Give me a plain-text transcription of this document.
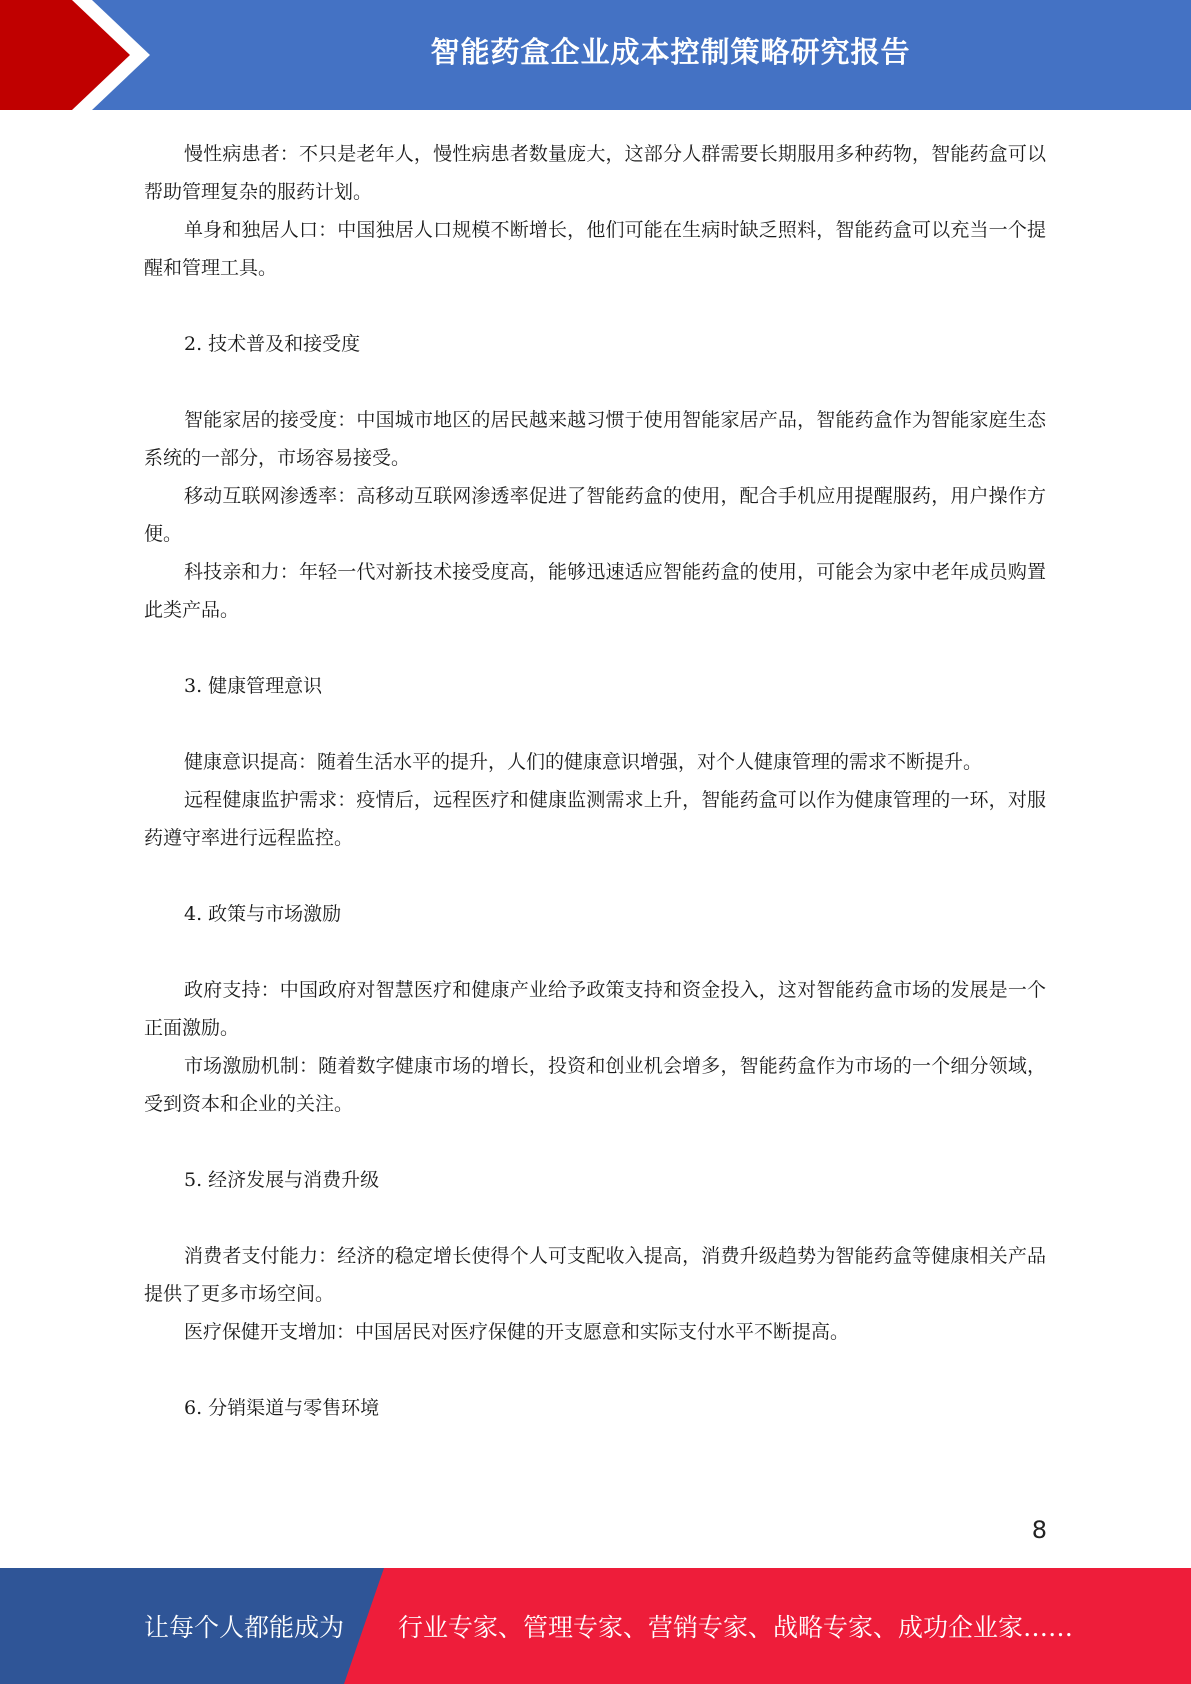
智能药盒企业成本控制策略研究报告

慢性病患者：不只是老年人，慢性病患者数量庞大，这部分人群需要长期服用多种药物，智能药盒可以帮助管理复杂的服药计划。

单身和独居人口：中国独居人口规模不断增长，他们可能在生病时缺乏照料，智能药盒可以充当一个提醒和管理工具。

2. 技术普及和接受度

智能家居的接受度：中国城市地区的居民越来越习惯于使用智能家居产品，智能药盒作为智能家庭生态系统的一部分，市场容易接受。

移动互联网渗透率：高移动互联网渗透率促进了智能药盒的使用，配合手机应用提醒服药，用户操作方便。

科技亲和力：年轻一代对新技术接受度高，能够迅速适应智能药盒的使用，可能会为家中老年成员购置此类产品。

3. 健康管理意识

健康意识提高：随着生活水平的提升，人们的健康意识增强，对个人健康管理的需求不断提升。

远程健康监护需求：疫情后，远程医疗和健康监测需求上升，智能药盒可以作为健康管理的一环，对服药遵守率进行远程监控。

4. 政策与市场激励

政府支持：中国政府对智慧医疗和健康产业给予政策支持和资金投入，这对智能药盒市场的发展是一个正面激励。

市场激励机制：随着数字健康市场的增长，投资和创业机会增多，智能药盒作为市场的一个细分领域，受到资本和企业的关注。

5. 经济发展与消费升级

消费者支付能力：经济的稳定增长使得个人可支配收入提高，消费升级趋势为智能药盒等健康相关产品提供了更多市场空间。

医疗保健开支增加：中国居民对医疗保健的开支愿意和实际支付水平不断提高。

6. 分销渠道与零售环境

8
让每个人都能成为 行业专家、管理专家、营销专家、战略专家、成功企业家……
